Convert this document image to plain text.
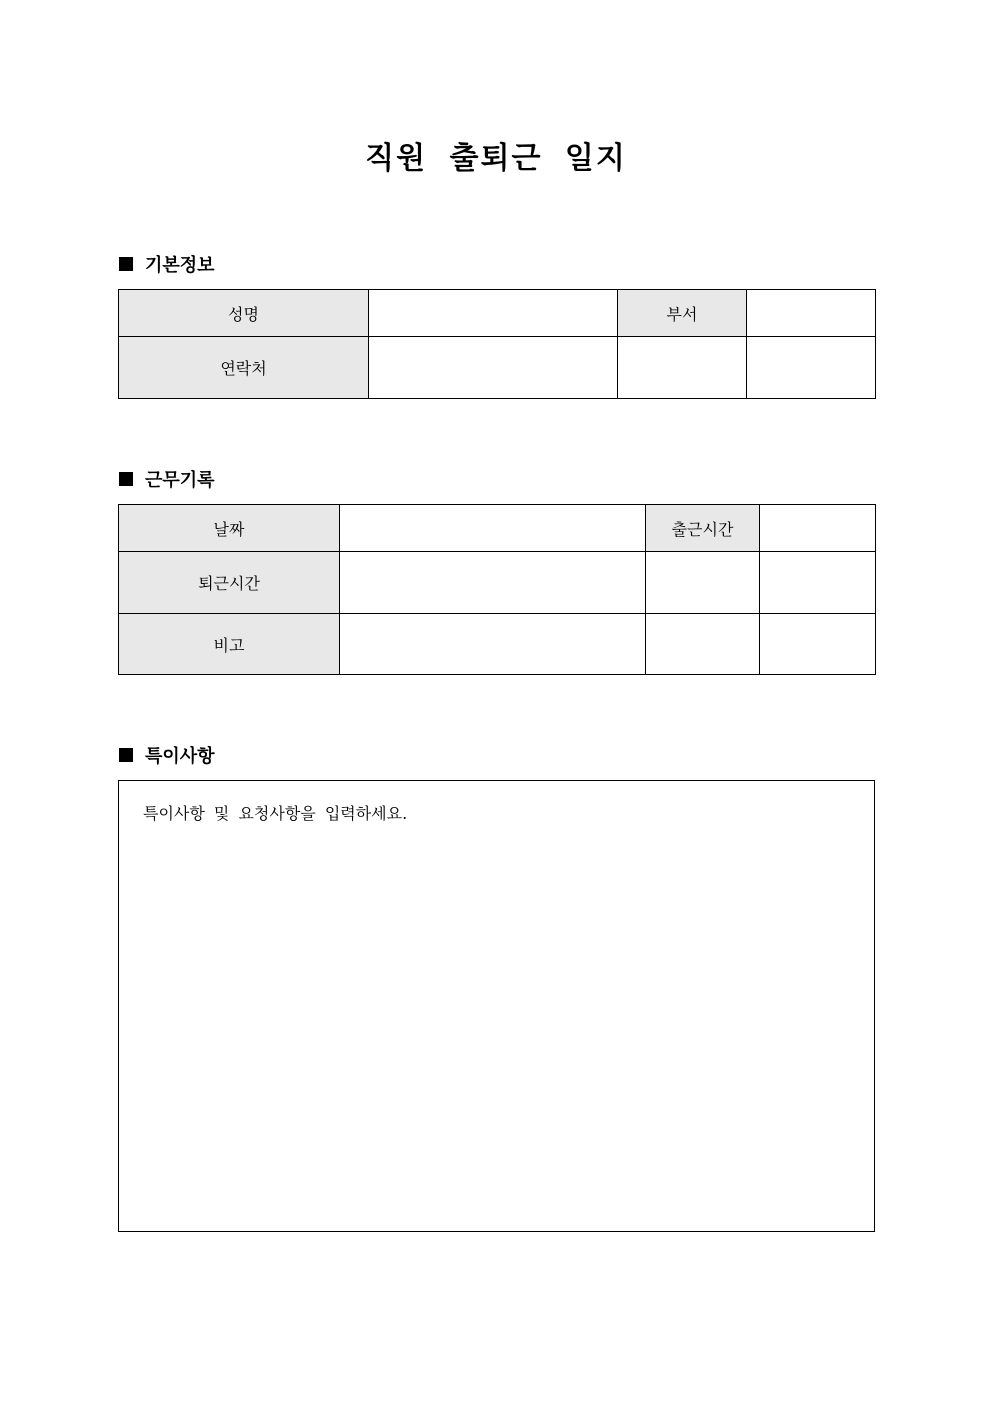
직원 출퇴근 일지
기본정보
성명		부서	
연락처			
근무기록
날짜		출근시간	
퇴근시간			
비고			
특이사항
특이사항 및 요청사항을 입력하세요.
